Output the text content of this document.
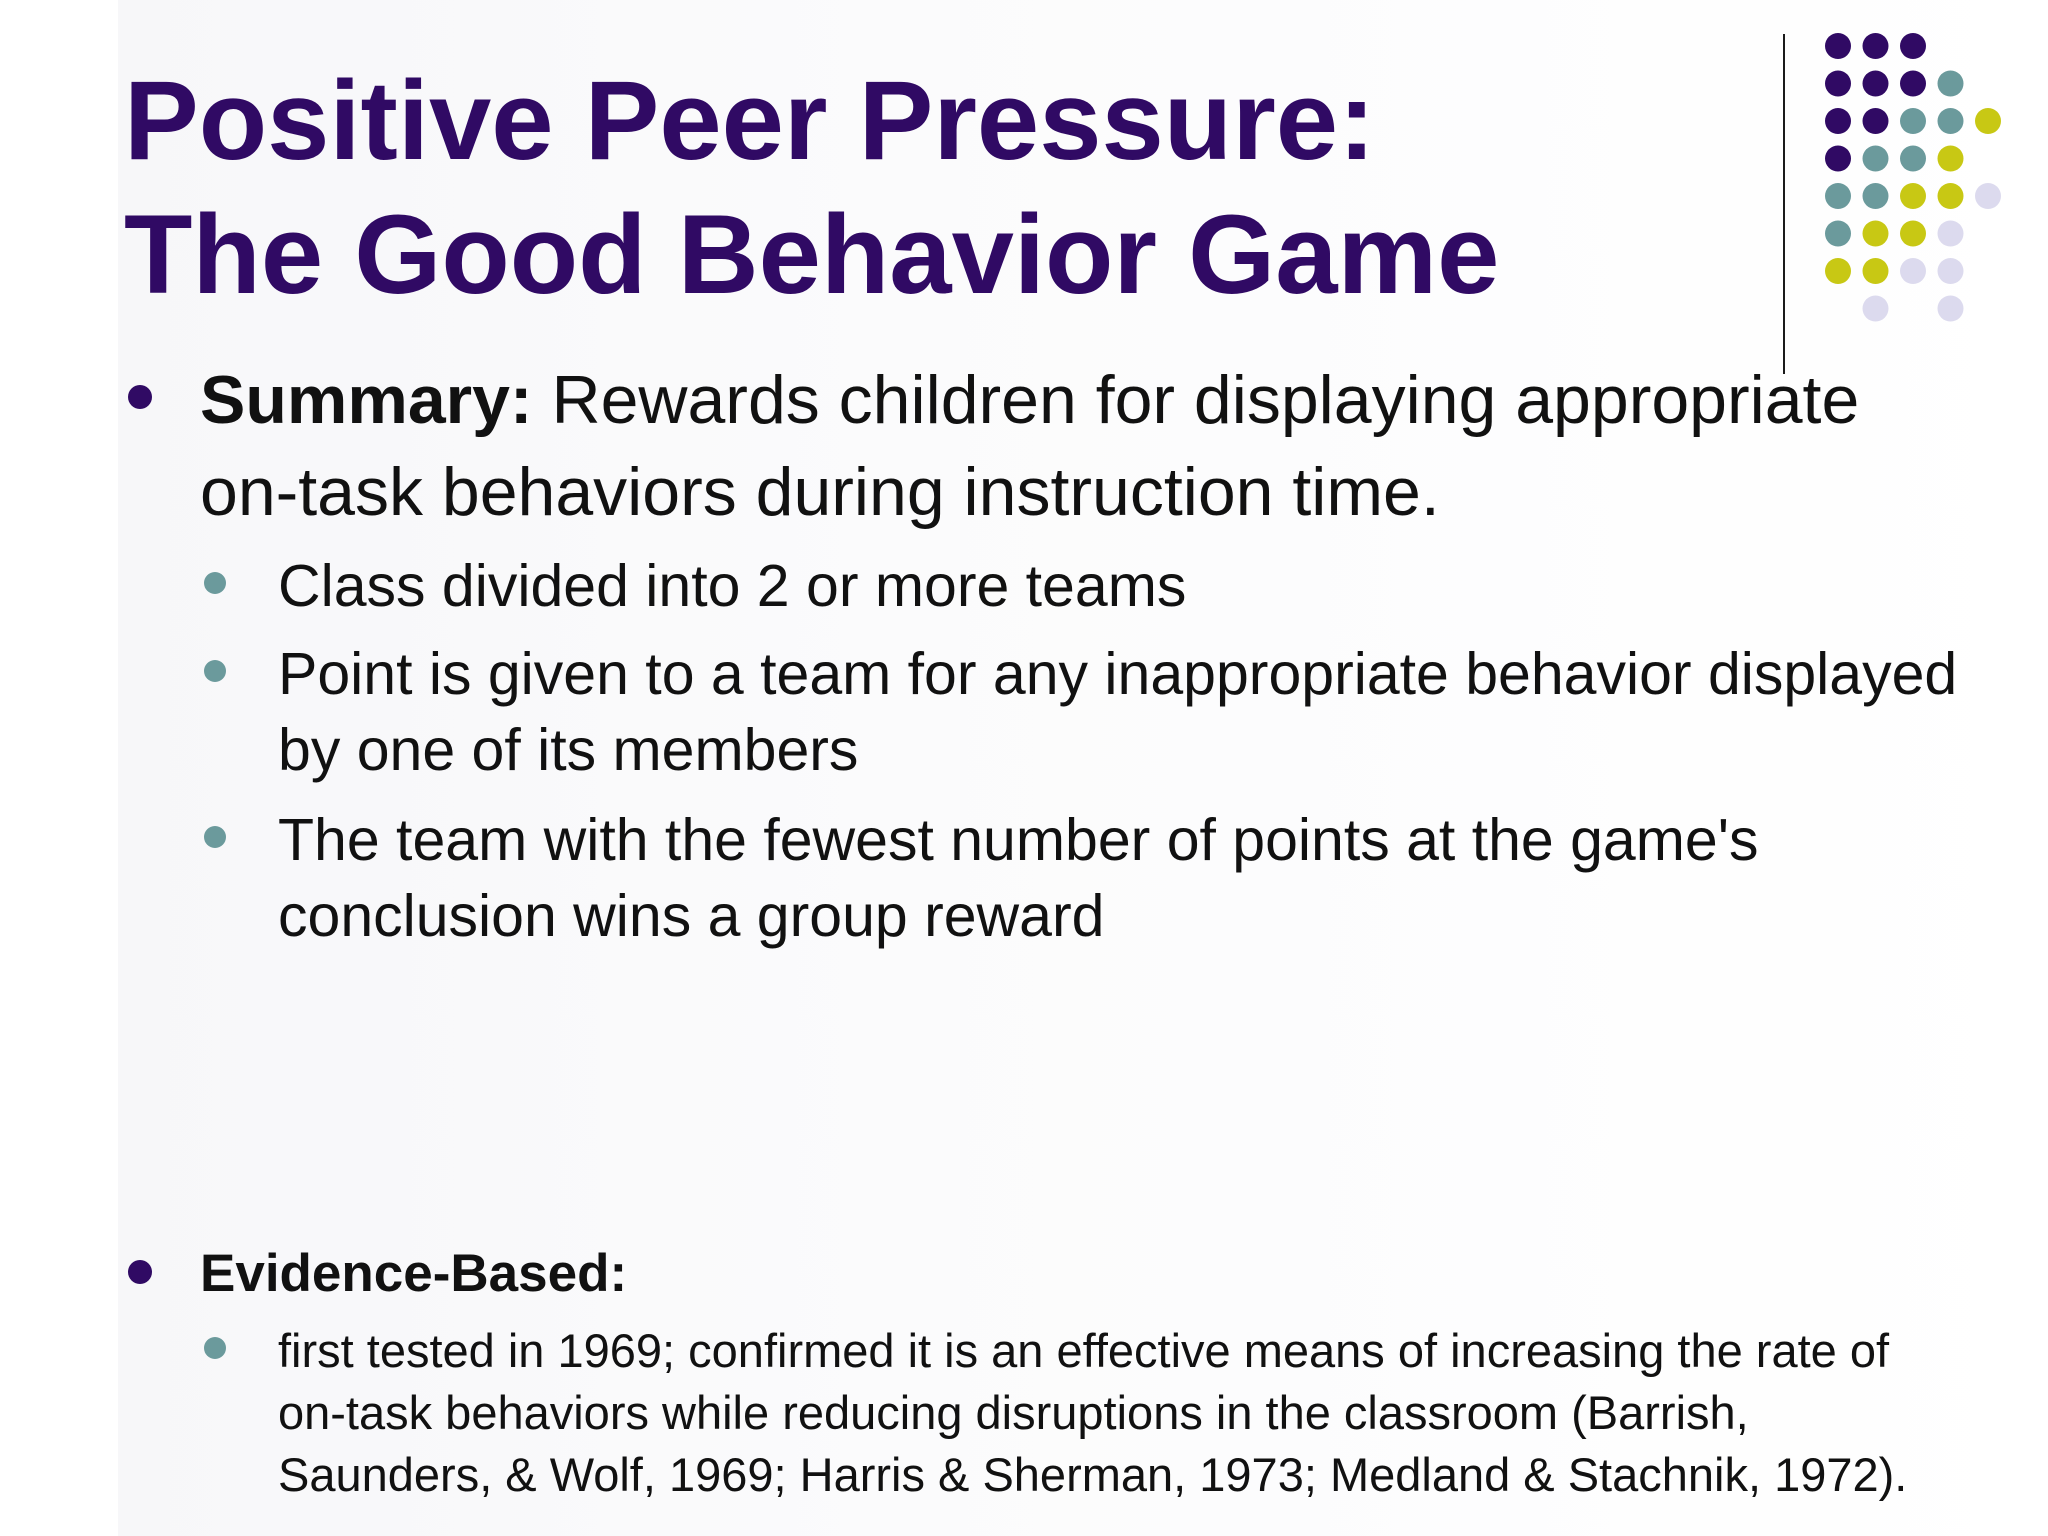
Positive Peer Pressure:
The Good Behavior Game
Summary: Rewards children for displaying appropriate
on-task behaviors during instruction time.
Class divided into 2 or more teams
Point is given to a team for any inappropriate behavior displayed
by one of its members
The team with the fewest number of points at the game's
conclusion wins a group reward
Evidence-Based:
first tested in 1969; confirmed it is an effective means of increasing the rate of
on-task behaviors while reducing disruptions in the classroom (Barrish,
Saunders, & Wolf, 1969; Harris & Sherman, 1973; Medland & Stachnik, 1972).
